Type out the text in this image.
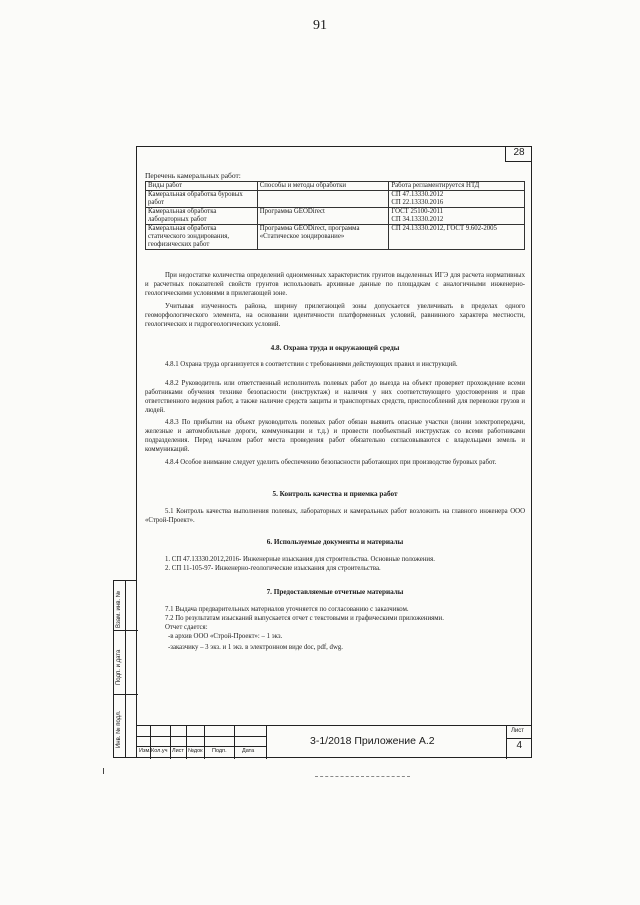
91
28
Перечень камеральных работ:
Виды работ	Способы и методы обработки	Работа регламентируется НТД
Камеральная обработка буровых работ		СП 47.13330.2012
СП 22.13330.2016
Камеральная обработка лабораторных работ	Программа GEODirect	ГОСТ 25100-2011
СП 34.13330.2012
Камеральная обработка статического зондирования, геофизических работ	Программа GEODirect, программа «Статическое зондирование»	СП 24.13330.2012, ГОСТ 9.602-2005
При недостатке количества определений одноименных характеристик грунтов выделенных ИГЭ для расчета нормативных и расчетных показателей свойств грунтов использовать архивные данные по площадкам с аналогичными инженерно-геологическими условиями в прилегающей зоне.
Учитывая изученность района, ширину прилегающей зоны допускается увеличивать в пределах одного геоморфологического элемента, на основании идентичности платформенных условий, равнинного характера местности, геологических и гидрогеологических условий.
4.8. Охрана труда и окружающей среды
4.8.1 Охрана труда организуется в соответствии с требованиями действующих правил и инструкций.
4.8.2 Руководитель или ответственный исполнитель полевых работ до выезда на объект проверяет прохождение всеми работниками обучения технике безопасности (инструктаж) и наличия у них соответствующего удостоверения и прав ответственного ведения работ, а также наличие средств защиты и транспортных средств, приспособлений для перевозки грузов и людей.
4.8.3 По прибытии на объект руководитель полевых работ обязан выявить опасные участки (линии электропередачи, железные и автомобильные дороги, коммуникации и т.д.) и провести пообъектный инструктаж со всеми работниками подразделения. Перед началом работ места проведения работ обязательно согласовываются с владельцами земель и коммуникаций.
4.8.4 Особое внимание следует уделить обеспечению безопасности работающих при производстве буровых работ.
5. Контроль качества и приемка работ
5.1 Контроль качества выполнения полевых, лабораторных и камеральных работ возложить на главного инженера ООО «Строй-Проект».
6. Используемые документы и материалы
1. СП 47.13330.2012,2016- Инженерные изыскания для строительства. Основные положения.
2. СП 11-105-97- Инженерно-геологические изыскания для строительства.
7. Предоставляемые отчетные материалы
7.1 Выдача предварительных материалов уточняется по согласованию с заказчиком.
7.2 По результатам изысканий выпускается отчет с текстовыми и графическими приложениями.
Отчет сдается:
-в архив ООО «Строй-Проект»: – 1 экз.
-заказчику – 3 экз. и 1 экз. в электронном виде doc, pdf, dwg.
Взам. инв. №
Подп. и дата
Инв. № подл.
Изм. Кол.уч Лист №док Подп.	Дата
3-1/2018 Приложение А.2
Лист
4
